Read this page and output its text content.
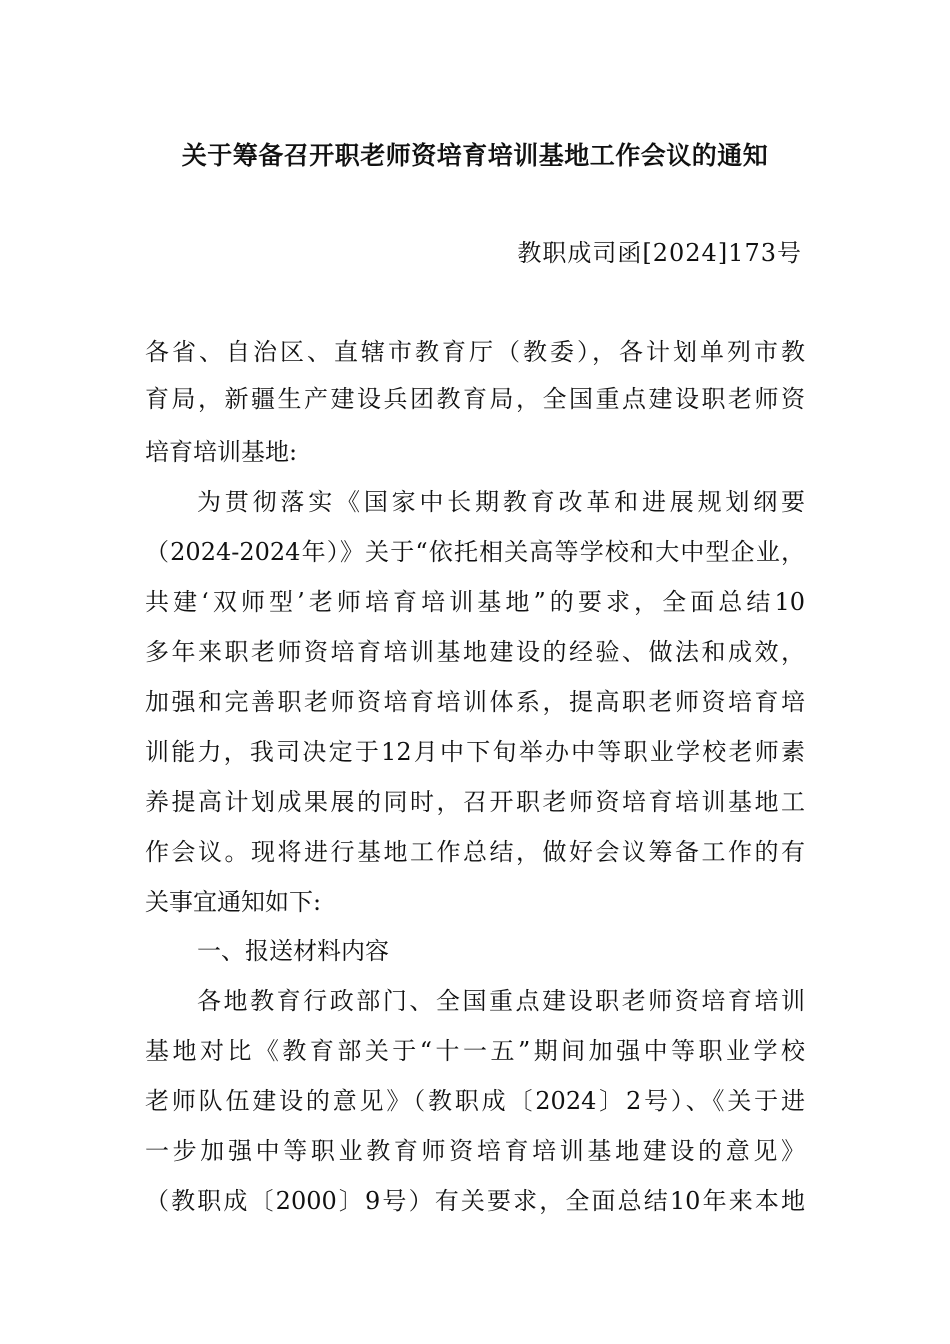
关于筹备召开职老师资培育培训基地工作会议的通知
教职成司函[2024]173号
各省、自治区、直辖市教育厅（教委），各计划单列市教
育局，新疆生产建设兵团教育局，全国重点建设职老师资
培育培训基地:
为贯彻落实《国家中长期教育改革和进展规划纲要
（2024-2024年）》关于“依托相关高等学校和大中型企业，
共建‘双师型’老师培育培训基地”的要求，全面总结10
多年来职老师资培育培训基地建设的经验、做法和成效，
加强和完善职老师资培育培训体系，提高职老师资培育培
训能力，我司决定于12月中下旬举办中等职业学校老师素
养提高计划成果展的同时，召开职老师资培育培训基地工
作会议。现将进行基地工作总结，做好会议筹备工作的有
关事宜通知如下:
一、报送材料内容
各地教育行政部门、全国重点建设职老师资培育培训
基地对比《教育部关于“十一五”期间加强中等职业学校
老师队伍建设的意见》（教职成〔2024〕2号）、《关于进
一步加强中等职业教育师资培育培训基地建设的意见》
（教职成〔2000〕9号）有关要求，全面总结10年来本地
